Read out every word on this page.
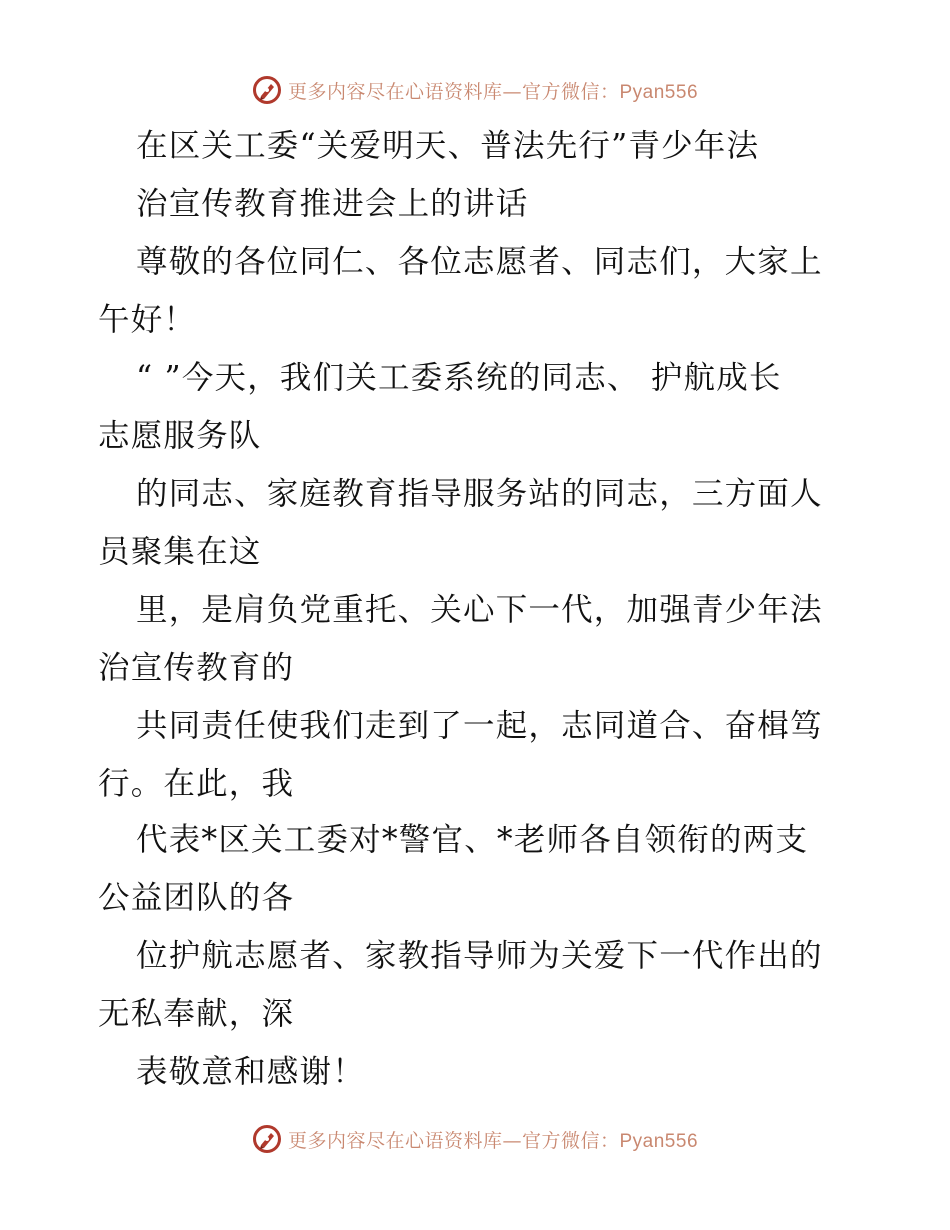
更多内容尽在心语资料库—官方微信：Pyan556
在区关工委“关爱明天、普法先行”青少年法
治宣传教育推进会上的讲话
尊敬的各位同仁、各位志愿者、同志们，大家上
午好！
“ ”今天，我们关工委系统的同志、 护航成长
志愿服务队
的同志、家庭教育指导服务站的同志，三方面人
员聚集在这
里，是肩负党重托、关心下一代，加强青少年法
治宣传教育的
共同责任使我们走到了一起，志同道合、奋楫笃
行。在此，我
代表*区关工委对*警官、*老师各自领衔的两支
公益团队的各
位护航志愿者、家教指导师为关爱下一代作出的
无私奉献，深
表敬意和感谢！
更多内容尽在心语资料库—官方微信：Pyan556
